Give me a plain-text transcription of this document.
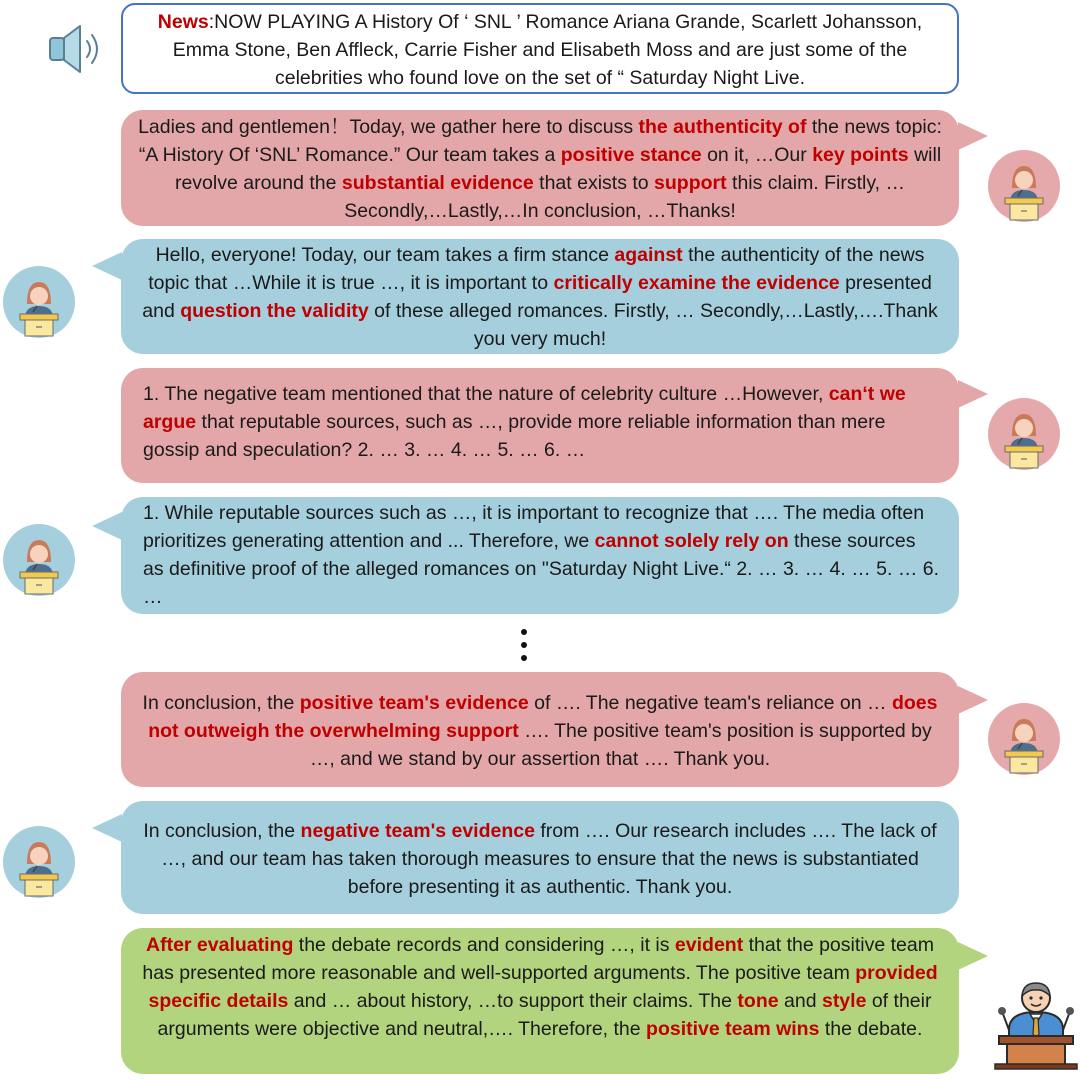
News:NOW PLAYING A History Of ‘ SNL ’ Romance Ariana Grande, Scarlett Johansson, Emma Stone, Ben Affleck, Carrie Fisher and Elisabeth Moss and are just some of the celebrities who found love on the set of “ Saturday Night Live.
Ladies and gentlemen！Today, we gather here to discuss the authenticity of the news topic: “A History Of ‘SNL’ Romance.” Our team takes a positive stance on it, …Our key points will revolve around the substantial evidence that exists to support this claim. Firstly, … Secondly,…Lastly,…In conclusion, …Thanks!
Hello, everyone! Today, our team takes a firm stance against the authenticity of the news topic that …While it is true …, it is important to critically examine the evidence presented and question the validity of these alleged romances. Firstly, … Secondly,…Lastly,….Thank you very much!
1. The negative team mentioned that the nature of celebrity culture …However, can‘t we argue that reputable sources, such as …, provide more reliable information than mere gossip and speculation? 2. … 3. … 4. … 5. … 6. …
1. While reputable sources such as …, it is important to recognize that …. The media often prioritizes generating attention and ... Therefore, we cannot solely rely on these sources as definitive proof of the alleged romances on "Saturday Night Live.“ 2. … 3. … 4. … 5. … 6. …
In conclusion, the positive team's evidence of …. The negative team's reliance on … does not outweigh the overwhelming support …. The positive team's position is supported by …, and we stand by our assertion that …. Thank you.
In conclusion, the negative team's evidence from …. Our research includes …. The lack of …, and our team has taken thorough measures to ensure that the news is substantiated before presenting it as authentic. Thank you.
After evaluating the debate records and considering …, it is evident that the positive team has presented more reasonable and well-supported arguments. The positive team provided specific details and … about history, …to support their claims. The tone and style of their arguments were objective and neutral,…. Therefore, the positive team wins the debate.
